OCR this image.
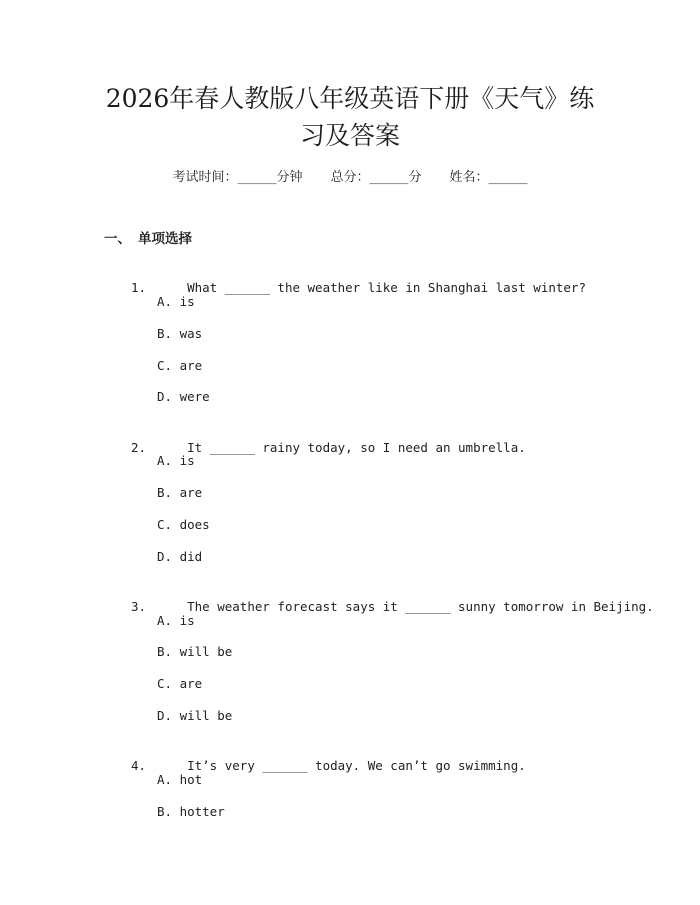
2026年春人教版八年级英语下册《天气》练
习及答案
考试时间：______分钟 总分：______分 姓名：______
一、 单项选择

1.	What ______ the weather like in Shanghai last winter?

A. is
B. was
C. are
D. were

2.	It ______ rainy today, so I need an umbrella.

A. is
B. are
C. does
D. did

3.	The weather forecast says it ______ sunny tomorrow in Beijing.

A. is
B. will be
C. are
D. will be

4.	It’s very ______ today. We can’t go swimming.

A. hot
B. hotter
